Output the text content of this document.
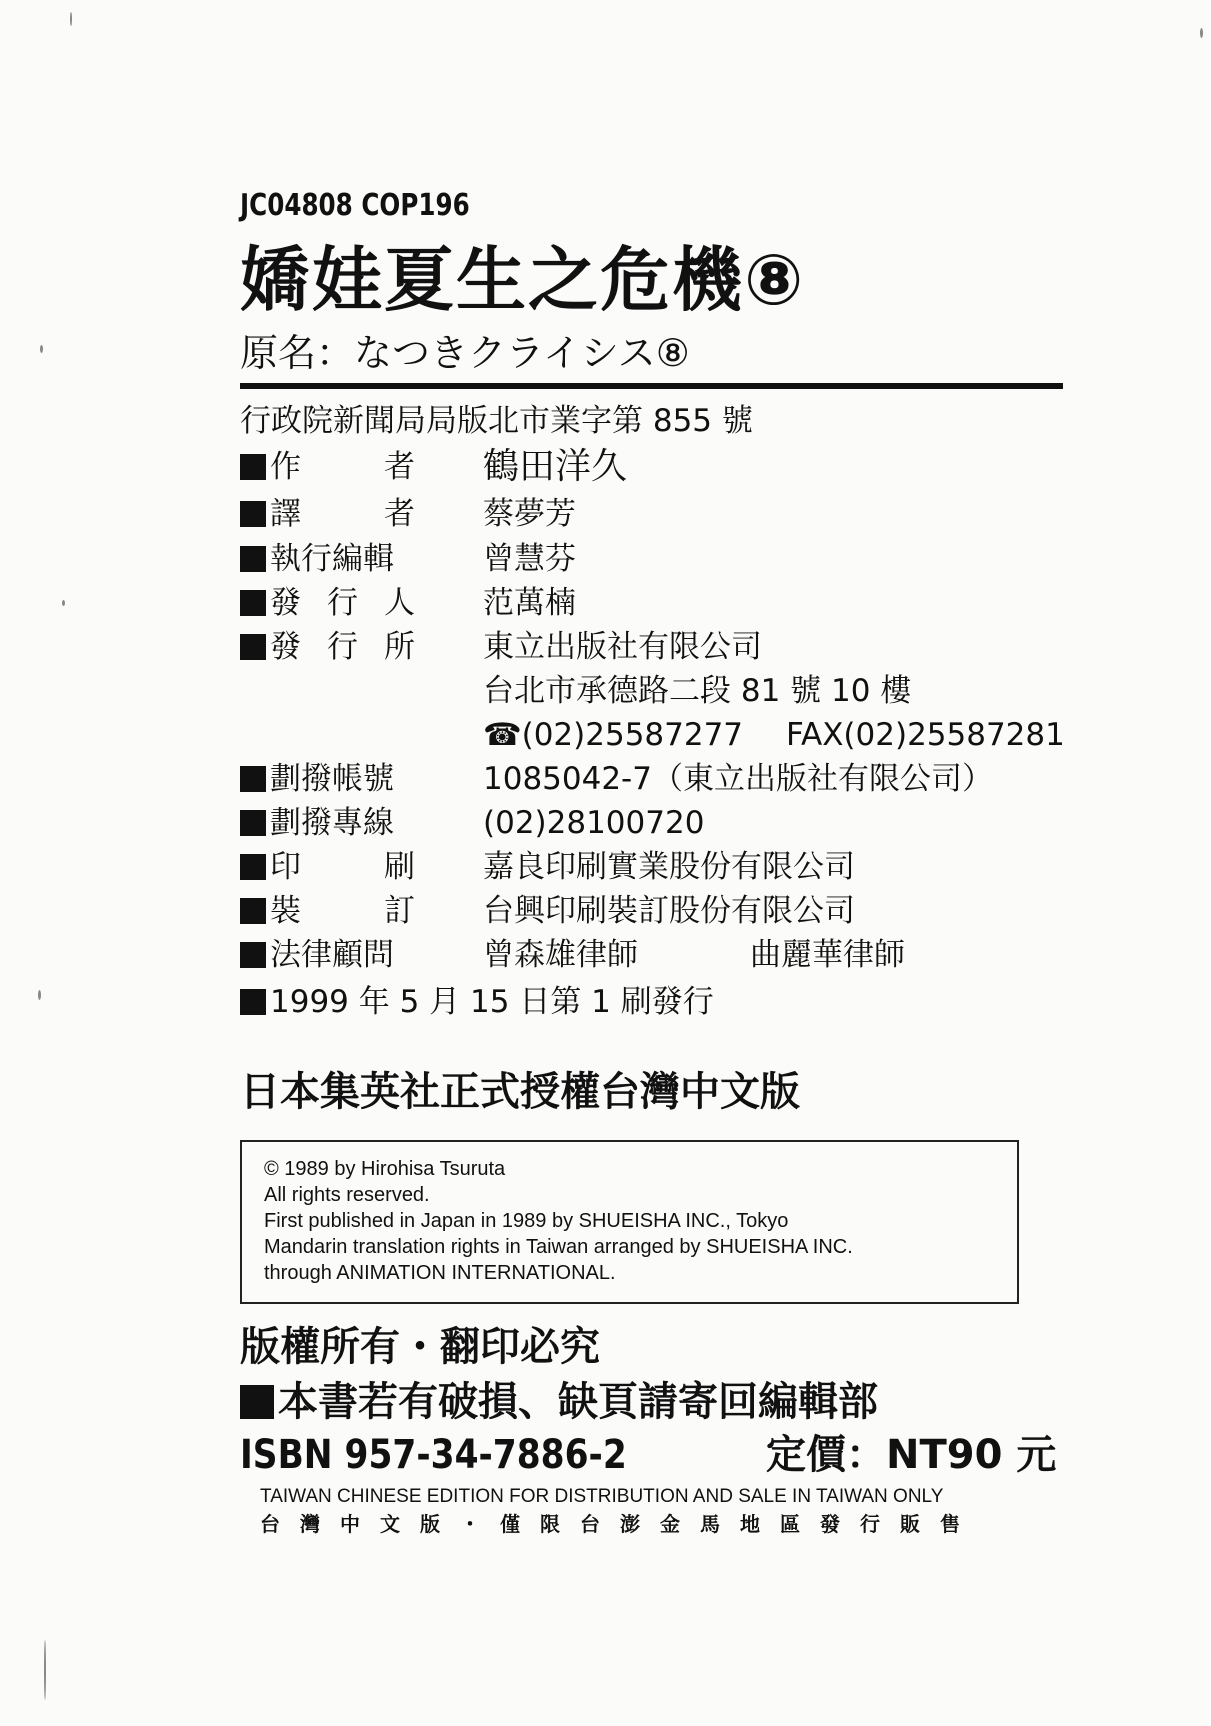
JC04808 COP196
嬌娃夏生之危機⑧
原名：なつきクライシス⑧
行政院新聞局局版北市業字第 855 號
作	者 鶴田洋久
譯	者 蔡夢芳
執行編輯	曾慧芬
發 行 人 范萬楠
發 行 所 東立出版社有限公司
台北市承德路二段 81 號 10 樓
☎(02)25587277 FAX(02)25587281
劃撥帳號	1085042-7（東立出版社有限公司）
劃撥專線	(02)28100720
印	刷 嘉良印刷實業股份有限公司
裝	訂 台興印刷裝訂股份有限公司
法律顧問	曾森雄律師	曲麗華律師
1999 年 5 月 15 日第 1 刷發行
日本集英社正式授權台灣中文版
© 1989 by Hirohisa Tsuruta
All rights reserved.
First published in Japan in 1989 by SHUEISHA INC., Tokyo
Mandarin translation rights in Taiwan arranged by SHUEISHA INC.
through ANIMATION INTERNATIONAL.
版權所有・翻印必究
本書若有破損、缺頁請寄回編輯部
ISBN 957-34-7886-2	定價：NT90 元
TAIWAN CHINESE EDITION FOR DISTRIBUTION AND SALE IN TAIWAN ONLY
台灣中文版・僅限台澎金馬地區發行販售
